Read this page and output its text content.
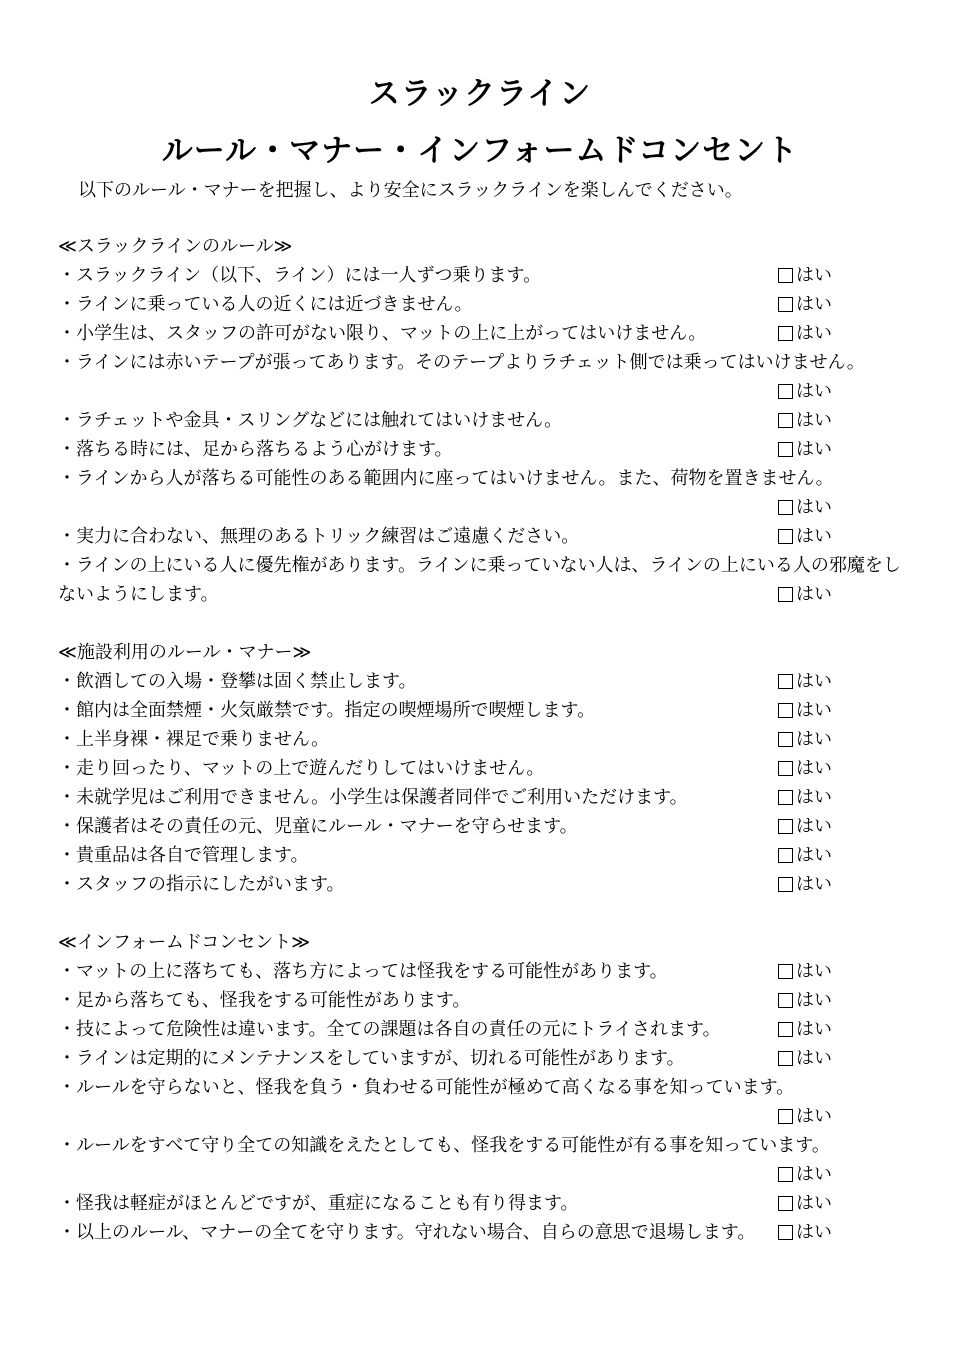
スラックライン
ルール・マナー・インフォームドコンセント
以下のルール・マナーを把握し、より安全にスラックラインを楽しんでください。
≪スラックラインのルール≫
・スラックライン（以下、ライン）には一人ずつ乗ります。	はい
・ラインに乗っている人の近くには近づきません。	はい
・小学生は、スタッフの許可がない限り、マットの上に上がってはいけません。	はい
・ラインには赤いテープが張ってあります。そのテープよりラチェット側では乗ってはいけません。
はい
・ラチェットや金具・スリングなどには触れてはいけません。	はい
・落ちる時には、足から落ちるよう心がけます。	はい
・ラインから人が落ちる可能性のある範囲内に座ってはいけません。また、荷物を置きません。
はい
・実力に合わない、無理のあるトリック練習はご遠慮ください。	はい
・ラインの上にいる人に優先権があります。ラインに乗っていない人は、ラインの上にいる人の邪魔をし
ないようにします。	はい
≪施設利用のルール・マナー≫
・飲酒しての入場・登攀は固く禁止します。	はい
・館内は全面禁煙・火気厳禁です。指定の喫煙場所で喫煙します。	はい
・上半身裸・裸足で乗りません。	はい
・走り回ったり、マットの上で遊んだりしてはいけません。	はい
・未就学児はご利用できません。小学生は保護者同伴でご利用いただけます。	はい
・保護者はその責任の元、児童にルール・マナーを守らせます。	はい
・貴重品は各自で管理します。	はい
・スタッフの指示にしたがいます。	はい
≪インフォームドコンセント≫
・マットの上に落ちても、落ち方によっては怪我をする可能性があります。	はい
・足から落ちても、怪我をする可能性があります。	はい
・技によって危険性は違います。全ての課題は各自の責任の元にトライされます。	はい
・ラインは定期的にメンテナンスをしていますが、切れる可能性があります。	はい
・ルールを守らないと、怪我を負う・負わせる可能性が極めて高くなる事を知っています。
はい
・ルールをすべて守り全ての知識をえたとしても、怪我をする可能性が有る事を知っています。
はい
・怪我は軽症がほとんどですが、重症になることも有り得ます。	はい
・以上のルール、マナーの全てを守ります。守れない場合、自らの意思で退場します。 はい
